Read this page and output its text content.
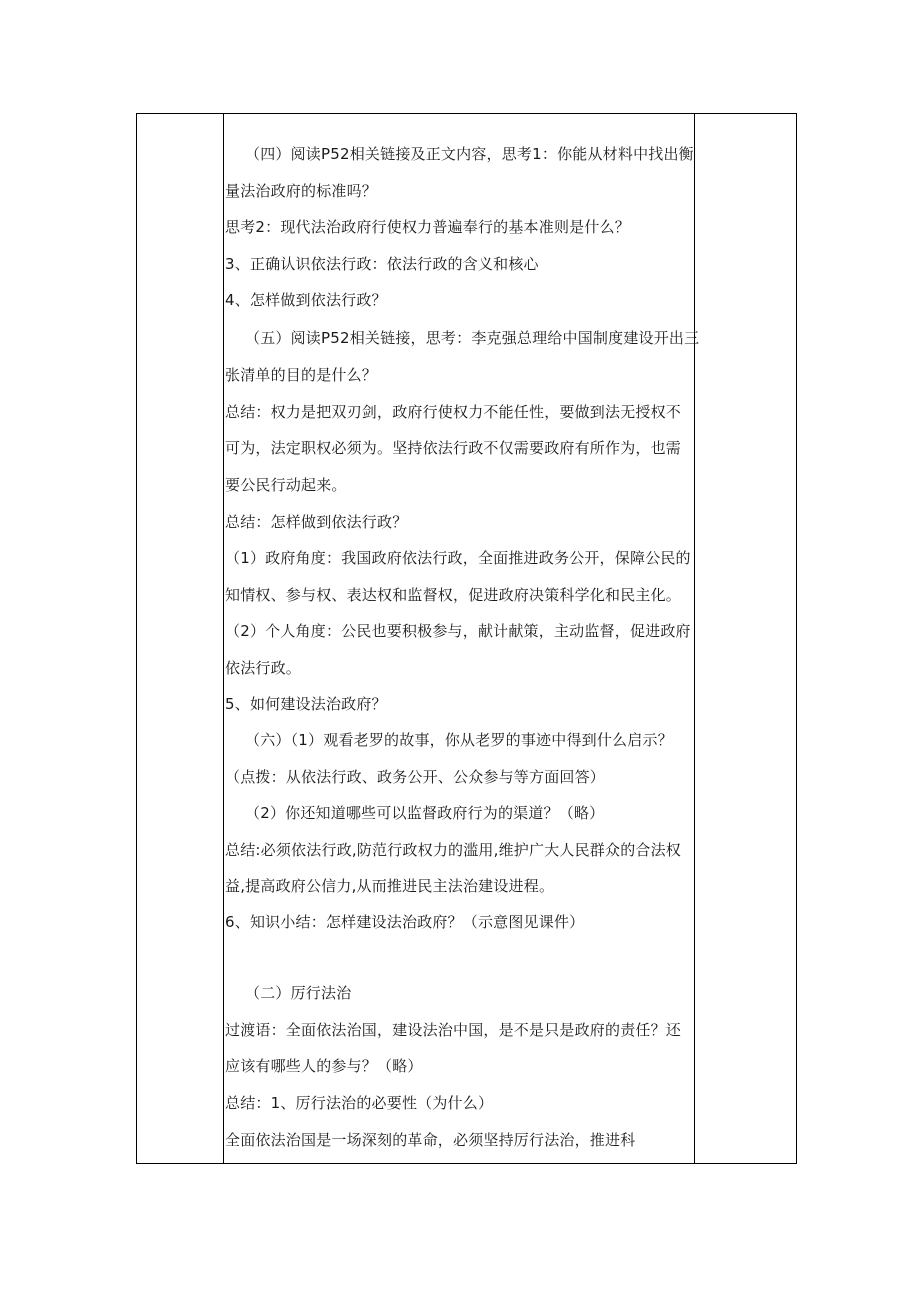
（四）阅读P52相关链接及正文内容，思考1：你能从材料中找出衡
量法治政府的标准吗？
思考2：现代法治政府行使权力普遍奉行的基本准则是什么？
3、正确认识依法行政：依法行政的含义和核心
4、怎样做到依法行政？
（五）阅读P52相关链接，思考：李克强总理给中国制度建设开出三
张清单的目的是什么？
总结：权力是把双刃剑，政府行使权力不能任性，要做到法无授权不
可为，法定职权必须为。坚持依法行政不仅需要政府有所作为，也需
要公民行动起来。
总结：怎样做到依法行政？
（1）政府角度：我国政府依法行政，全面推进政务公开，保障公民的
知情权、参与权、表达权和监督权，促进政府决策科学化和民主化。
（2）个人角度：公民也要积极参与，献计献策，主动监督，促进政府
依法行政。
5、如何建设法治政府？
（六）（1）观看老罗的故事，你从老罗的事迹中得到什么启示？
（点拨：从依法行政、政务公开、公众参与等方面回答）
（2）你还知道哪些可以监督政府行为的渠道？（略）
总结:必须依法行政,防范行政权力的滥用,维护广大人民群众的合法权
益,提高政府公信力,从而推进民主法治建设进程。
6、知识小结：怎样建设法治政府？（示意图见课件）
（二）厉行法治
过渡语：全面依法治国，建设法治中国，是不是只是政府的责任？还
应该有哪些人的参与？（略）
总结：1、厉行法治的必要性（为什么）
全面依法治国是一场深刻的革命，必须坚持厉行法治，推进科
